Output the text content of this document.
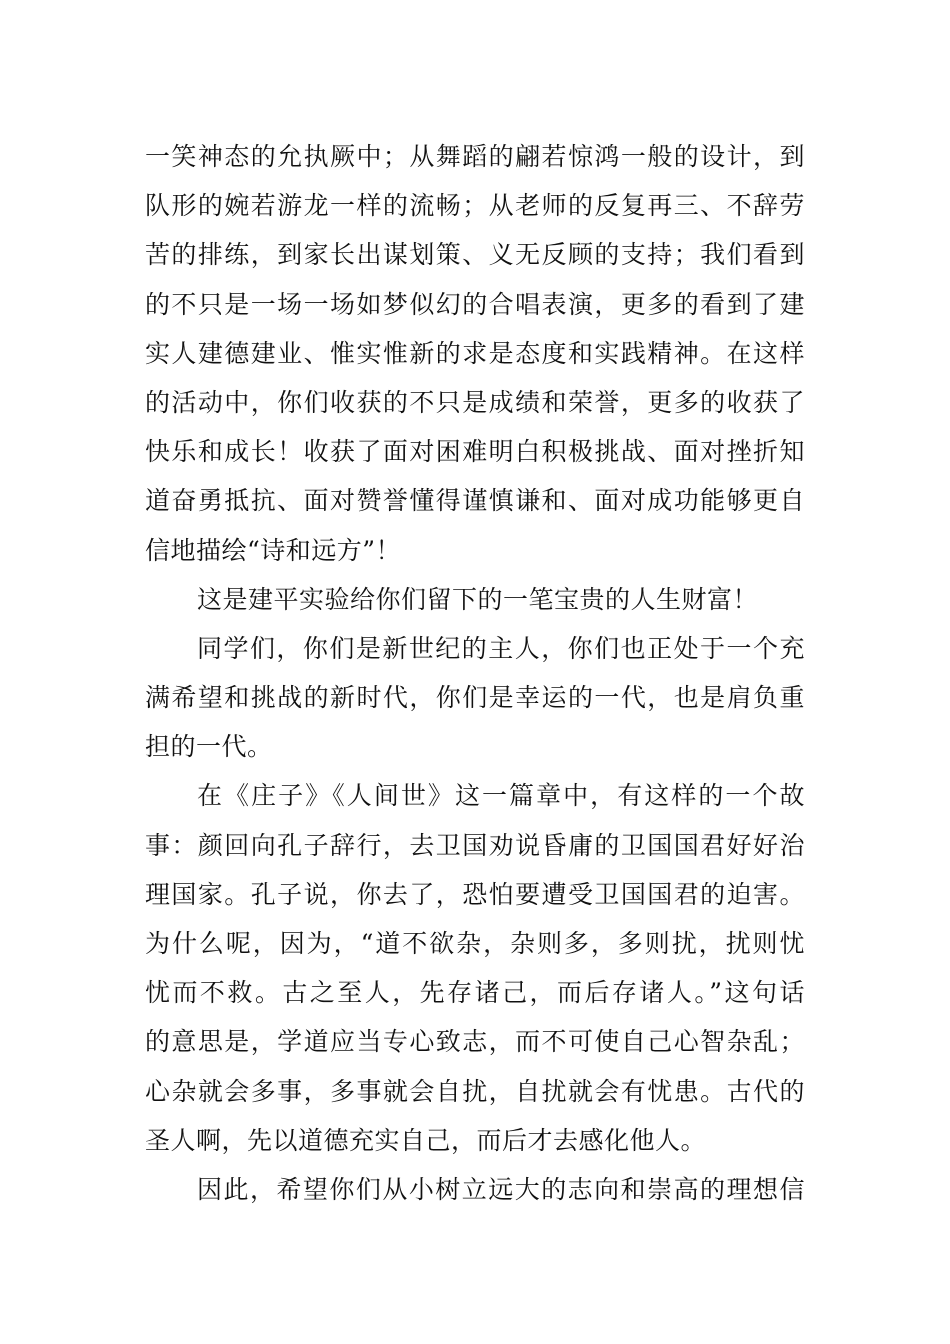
一笑神态的允执厥中；从舞蹈的翩若惊鸿一般的设计，到
队形的婉若游龙一样的流畅；从老师的反复再三、不辞劳
苦的排练，到家长出谋划策、义无反顾的支持；我们看到
的不只是一场一场如梦似幻的合唱表演，更多的看到了建
实人建德建业、惟实惟新的求是态度和实践精神。在这样
的活动中，你们收获的不只是成绩和荣誉，更多的收获了
快乐和成长！收获了面对困难明白积极挑战、面对挫折知
道奋勇抵抗、面对赞誉懂得谨慎谦和、面对成功能够更自
信地描绘“诗和远方”！
这是建平实验给你们留下的一笔宝贵的人生财富！
同学们，你们是新世纪的主人，你们也正处于一个充
满希望和挑战的新时代，你们是幸运的一代，也是肩负重
担的一代。
在《庄子》《人间世》这一篇章中，有这样的一个故
事：颜回向孔子辞行，去卫国劝说昏庸的卫国国君好好治
理国家。孔子说，你去了，恐怕要遭受卫国国君的迫害。
为什么呢，因为，“道不欲杂，杂则多，多则扰，扰则忧
忧而不救。古之至人，先存诸己，而后存诸人。”这句话
的意思是，学道应当专心致志，而不可使自己心智杂乱；
心杂就会多事，多事就会自扰，自扰就会有忧患。古代的
圣人啊，先以道德充实自己，而后才去感化他人。
因此，希望你们从小树立远大的志向和崇高的理想信
